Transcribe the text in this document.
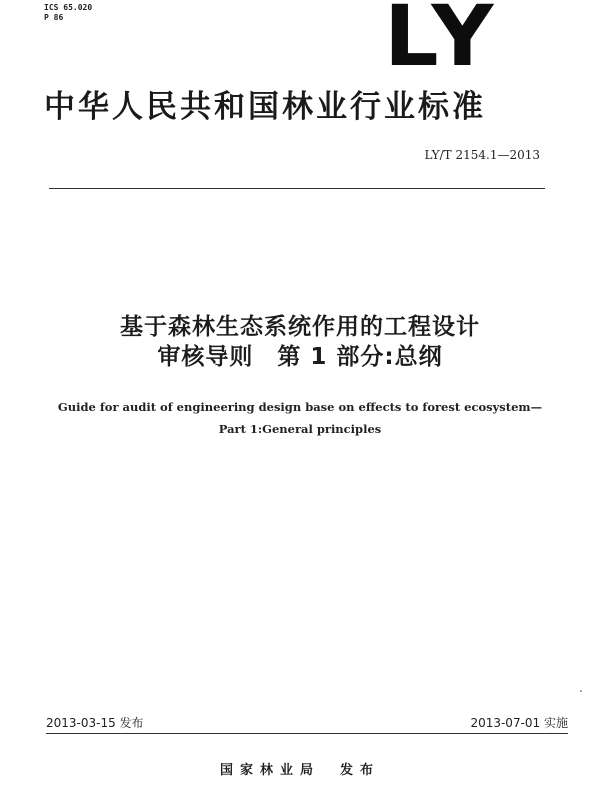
ICS 65.020
P 86	LY
中华人民共和国林业行业标准
LY/T 2154.1—2013
基于森林生态系统作用的工程设计
审核导则　第 1 部分:总纲
Guide for audit of engineering design base on effects to forest ecosystem—
Part 1:General principles
2013-03-15 发布	2013-07-01 实施
国家林业局　发布
